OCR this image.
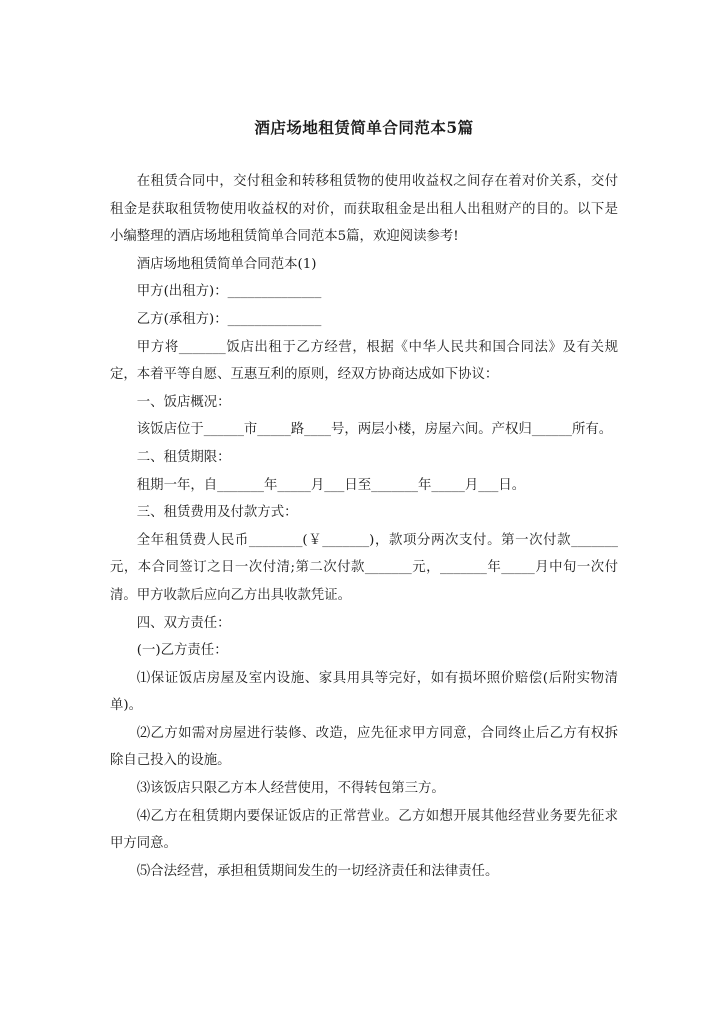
酒店场地租赁简单合同范本5篇

在租赁合同中，交付租金和转移租赁物的使用收益权之间存在着对价关系，交付租金是获取租赁物使用收益权的对价，而获取租金是出租人出租财产的目的。以下是小编整理的酒店场地租赁简单合同范本5篇，欢迎阅读参考!

酒店场地租赁简单合同范本(1)

甲方(出租方)：______________

乙方(承租方)：______________

甲方将_______饭店出租于乙方经营，根据《中华人民共和国合同法》及有关规定，本着平等自愿、互惠互利的原则，经双方协商达成如下协议：

一、饭店概况：

该饭店位于______市_____路____号，两层小楼，房屋六间。产权归______所有。

二、租赁期限：

租期一年，自_______年_____月___日至_______年_____月___日。

三、租赁费用及付款方式：

全年租赁费人民币________(￥_______)，款项分两次支付。第一次付款_______元，本合同签订之日一次付清;第二次付款_______元，_______年_____月中旬一次付清。甲方收款后应向乙方出具收款凭证。

四、双方责任：

(一)乙方责任：

⑴保证饭店房屋及室内设施、家具用具等完好，如有损坏照价赔偿(后附实物清单)。

⑵乙方如需对房屋进行装修、改造，应先征求甲方同意，合同终止后乙方有权拆除自己投入的设施。

⑶该饭店只限乙方本人经营使用，不得转包第三方。

⑷乙方在租赁期内要保证饭店的正常营业。乙方如想开展其他经营业务要先征求甲方同意。

⑸合法经营，承担租赁期间发生的一切经济责任和法律责任。
